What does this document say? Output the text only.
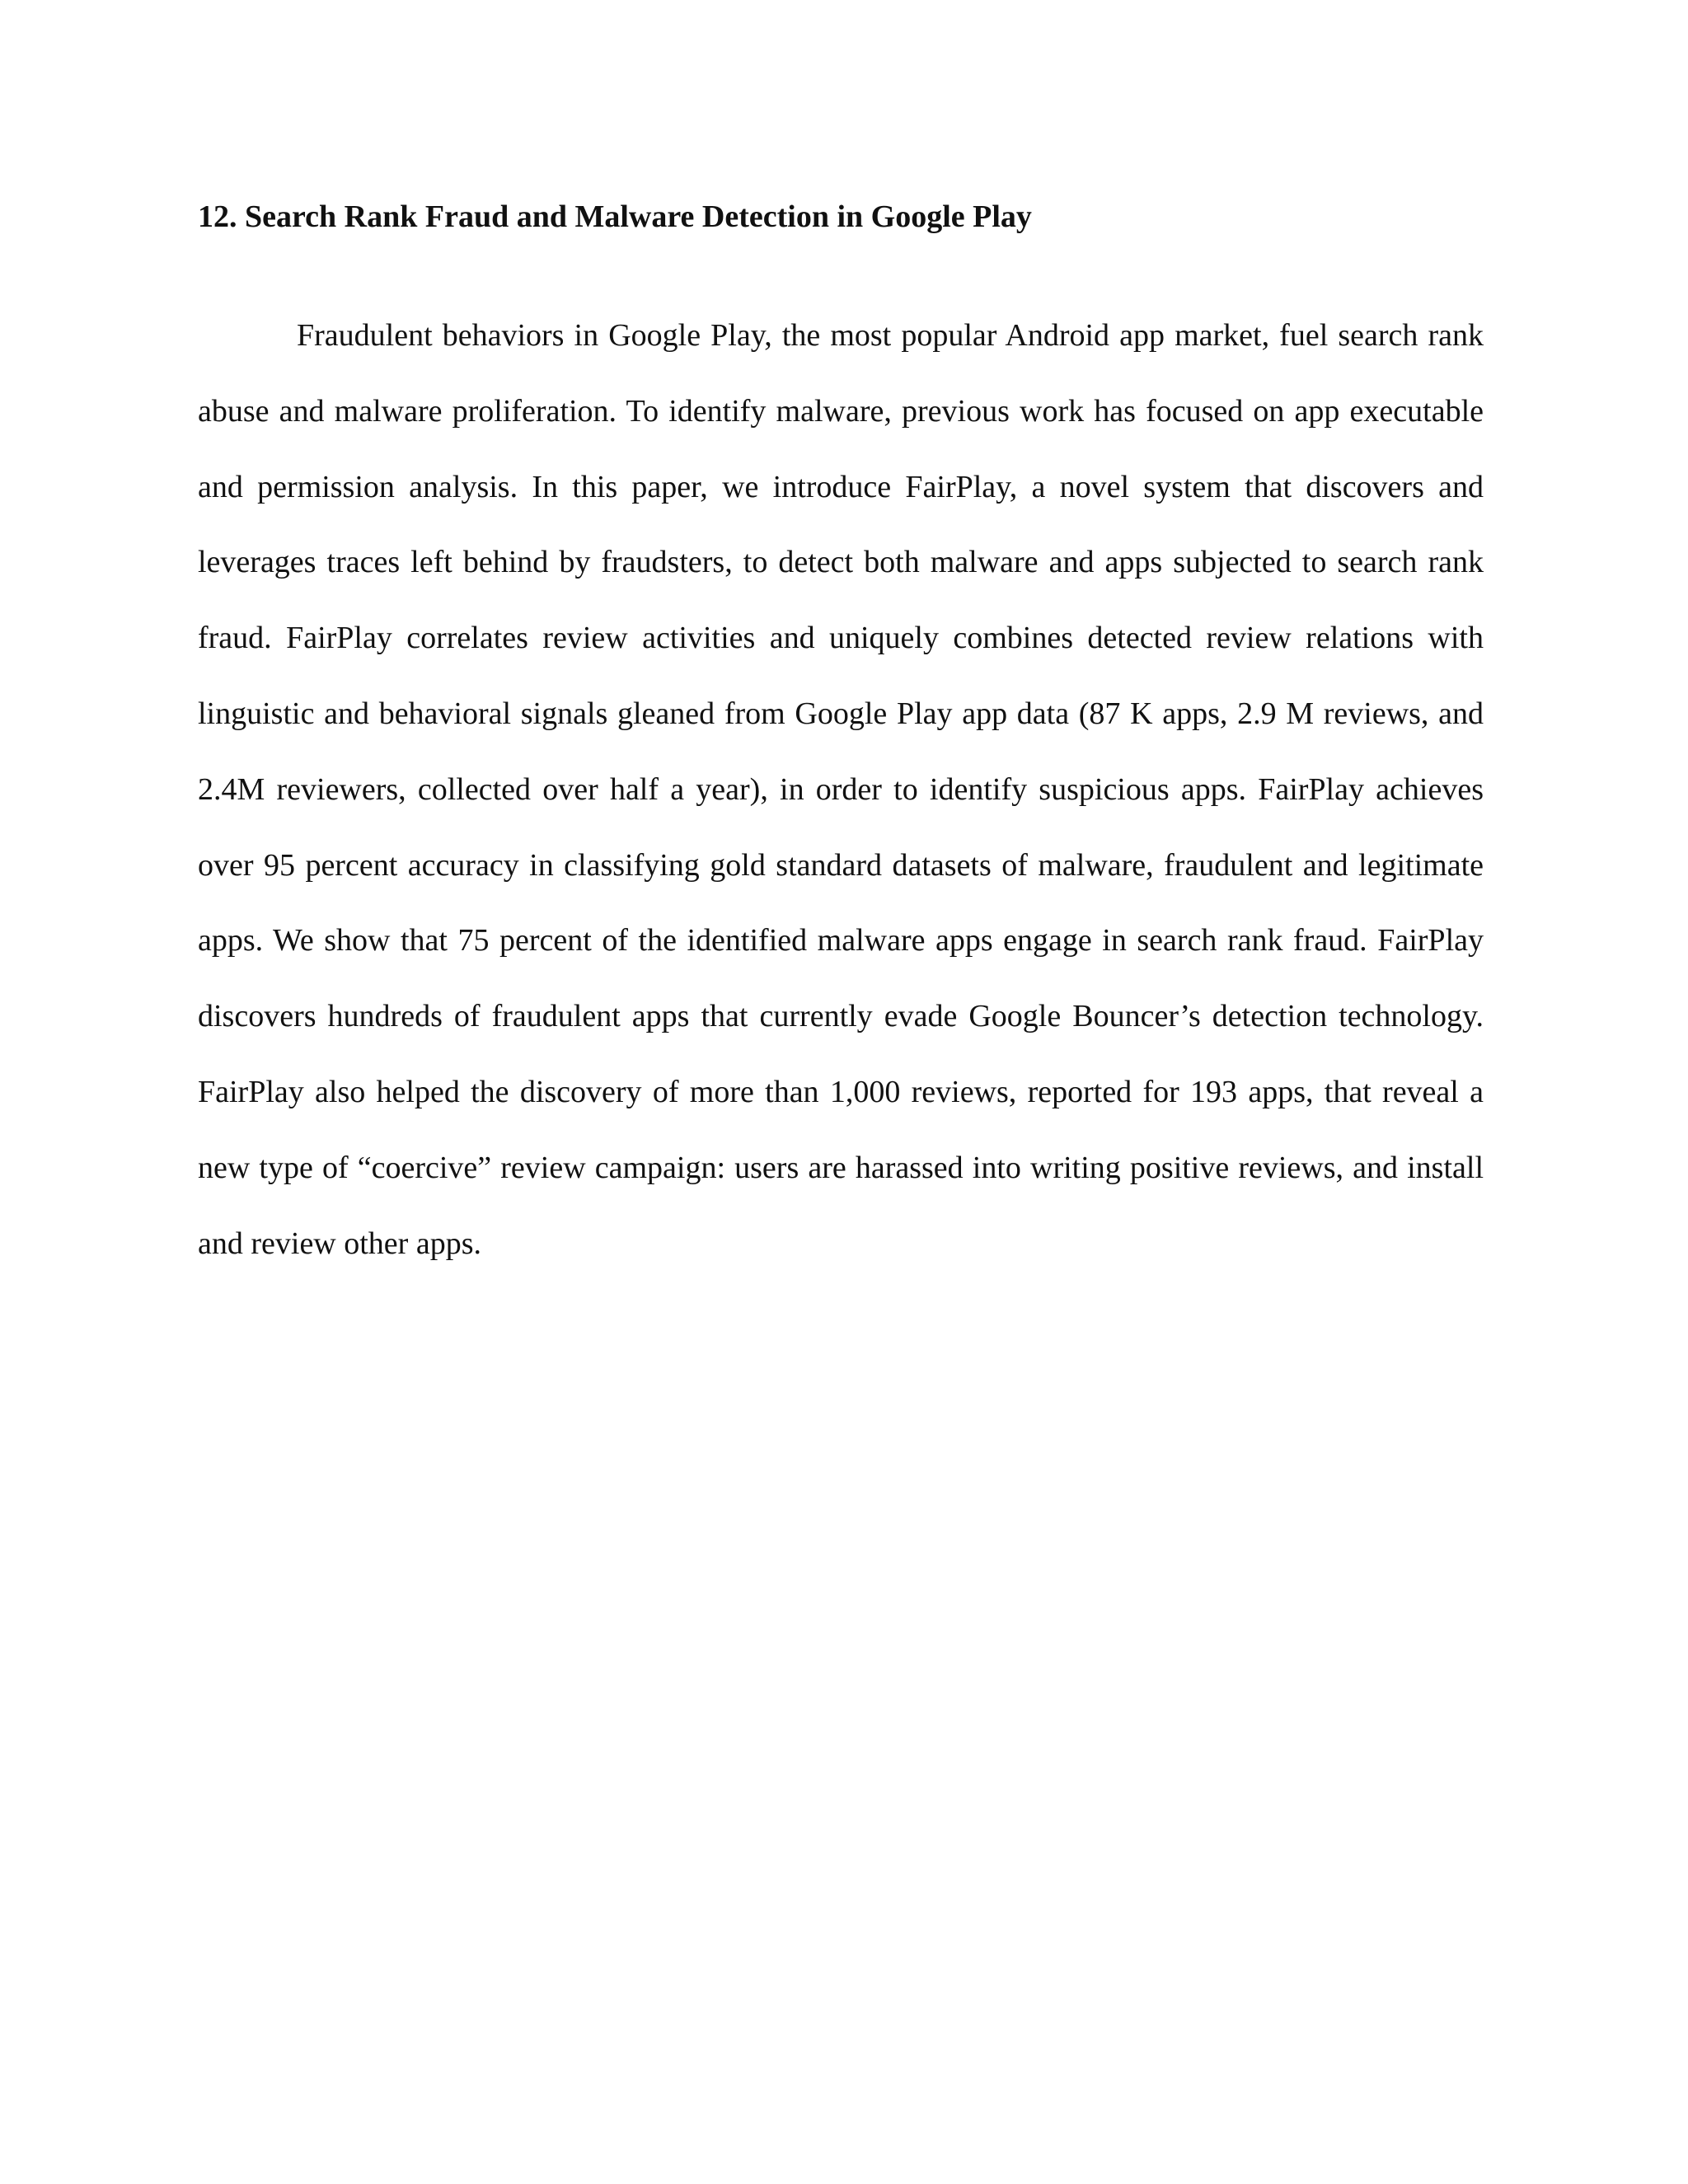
12. Search Rank Fraud and Malware Detection in Google Play

Fraudulent behaviors in Google Play, the most popular Android app market, fuel search rank abuse and malware proliferation. To identify malware, previous work has focused on app executable and permission analysis. In this paper, we introduce FairPlay, a novel system that discovers and leverages traces left behind by fraudsters, to detect both malware and apps subjected to search rank fraud. FairPlay correlates review activities and uniquely combines detected review relations with linguistic and behavioral signals gleaned from Google Play app data (87 K apps, 2.9 M reviews, and 2.4M reviewers, collected over half a year), in order to identify suspicious apps. FairPlay achieves over 95 percent accuracy in classifying gold standard datasets of malware, fraudulent and legitimate apps. We show that 75 percent of the identified malware apps engage in search rank fraud. FairPlay discovers hundreds of fraudulent apps that currently evade Google Bouncer’s detection technology. FairPlay also helped the discovery of more than 1,000 reviews, reported for 193 apps, that reveal a new type of “coercive” review campaign: users are harassed into writing positive reviews, and install and review other apps.
